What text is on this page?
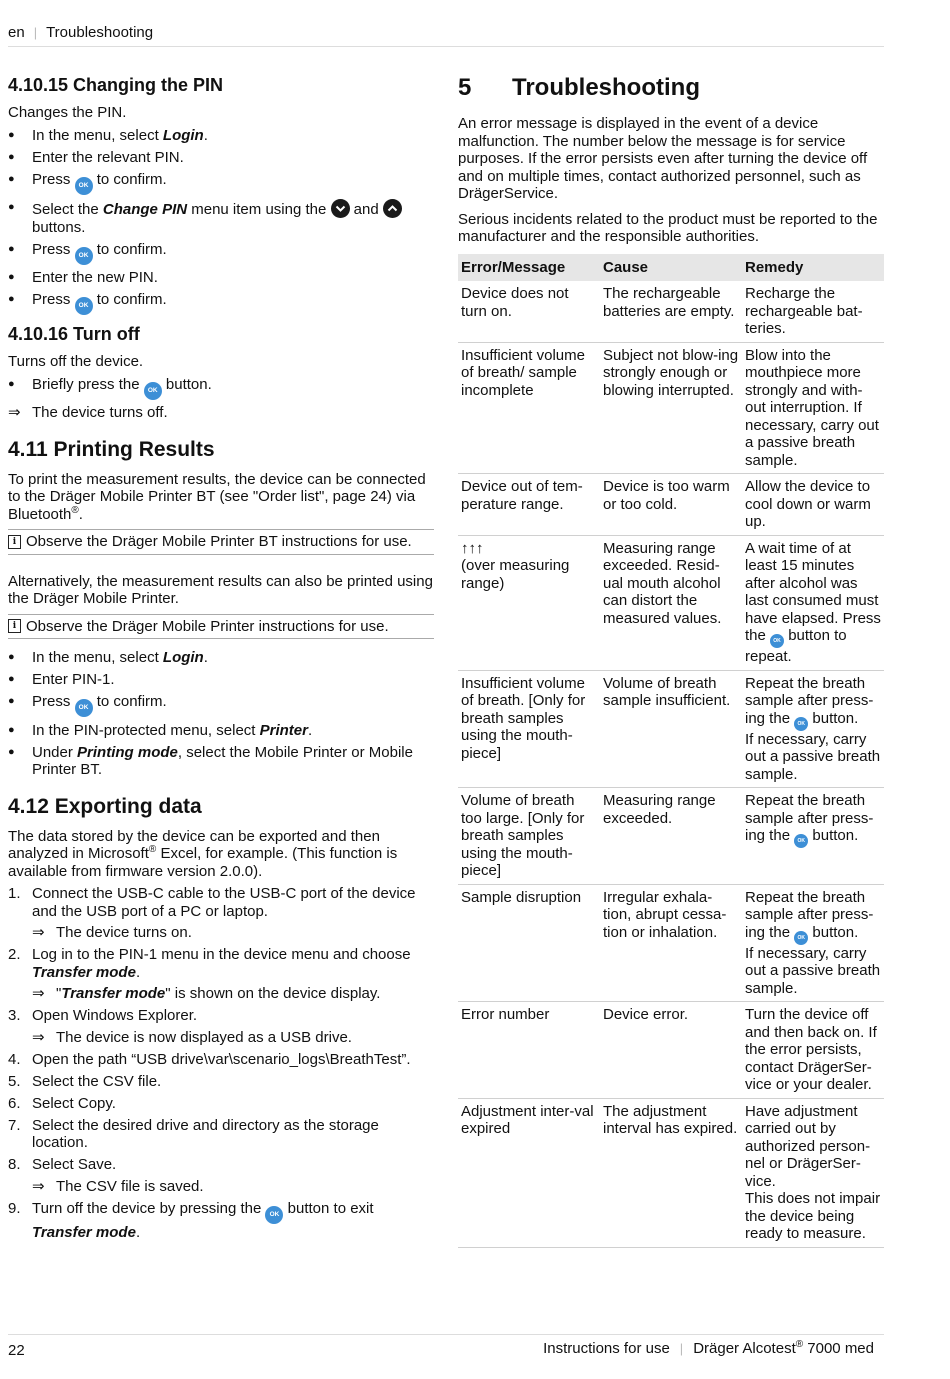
en | Troubleshooting
4.10.15 Changing the PIN

Changes the PIN.

● In the menu, select Login.
● Enter the relevant PIN.
● Press OK to confirm.
● Select the Change PIN menu item using the  and  buttons.
● Press OK to confirm.
● Enter the new PIN.
● Press OK to confirm.
4.10.16 Turn off

Turns off the device.

● Briefly press the OK button.
⇒ The device turns off.
4.11 Printing Results

To print the measurement results, the device can be connected to the Dräger Mobile Printer BT (see "Order list", page 24) via Bluetooth®.

i Observe the Dräger Mobile Printer BT instructions for use.

Alternatively, the measurement results can also be printed using the Dräger Mobile Printer.

i Observe the Dräger Mobile Printer instructions for use.
● In the menu, select Login.
● Enter PIN-1.
● Press OK to confirm.
● In the PIN-protected menu, select Printer.
● Under Printing mode, select the Mobile Printer or Mobile Printer BT.
4.12 Exporting data

The data stored by the device can be exported and then analyzed in Microsoft® Excel, for example. (This function is available from firmware version 2.0.0).

1. Connect the USB-C cable to the USB-C port of the device and the USB port of a PC or laptop.
⇒ The device turns on.
2. Log in to the PIN-1 menu in the device menu and choose Transfer mode.
⇒ "Transfer mode" is shown on the device display.
3. Open Windows Explorer.
⇒ The device is now displayed as a USB drive.
4. Open the path “USB drive\var\scenario_logs\BreathTest”.
5. Select the CSV file.
6. Select Copy.
7. Select the desired drive and directory as the storage location.
8. Select Save.
⇒ The CSV file is saved.
9. Turn off the device by pressing the OK button to exit Transfer mode.
5 Troubleshooting

An error message is displayed in the event of a device malfunction. The number below the message is for service purposes. If the error persists even after turning the device off and on multiple times, contact authorized personnel, such as DrägerService.

Serious incidents related to the product must be reported to the manufacturer and the responsible authorities.

Error/Message	Cause	Remedy
Device does not turn on.	The rechargeable batteries are empty.	Recharge the rechargeable bat-teries.
Insufficient volume of breath/ sample incomplete	Subject not blow-ing strongly enough or blowing interrupted.	Blow into the mouthpiece more strongly and with-out interruption. If necessary, carry out a passive breath sample.
Device out of tem-perature range.	Device is too warm or too cold.	Allow the device to cool down or warm up.
↑↑↑
(over measuring range)	Measuring range exceeded. Resid-ual mouth alcohol can distort the measured values.	A wait time of at least 15 minutes after alcohol was last consumed must have elapsed. Press the OK button to repeat.
Insufficient volume of breath. [Only for breath samples using the mouth-piece]	Volume of breath sample insufficient.	Repeat the breath sample after press-ing the OK button.
If necessary, carry out a passive breath sample.
Volume of breath too large. [Only for breath samples using the mouth-piece]	Measuring range exceeded.	Repeat the breath sample after press-ing the OK button.
Sample disruption	Irregular exhala-tion, abrupt cessa-tion or inhalation.	Repeat the breath sample after press-ing the OK button.
If necessary, carry out a passive breath sample.
Error number	Device error.	Turn the device off and then back on. If the error persists, contact DrägerSer-vice or your dealer.
Adjustment inter-val expired	The adjustment interval has expired.	Have adjustment carried out by authorized person-nel or DrägerSer-vice.
This does not impair the device being ready to measure.
22	Instructions for use | Dräger Alcotest® 7000 med
